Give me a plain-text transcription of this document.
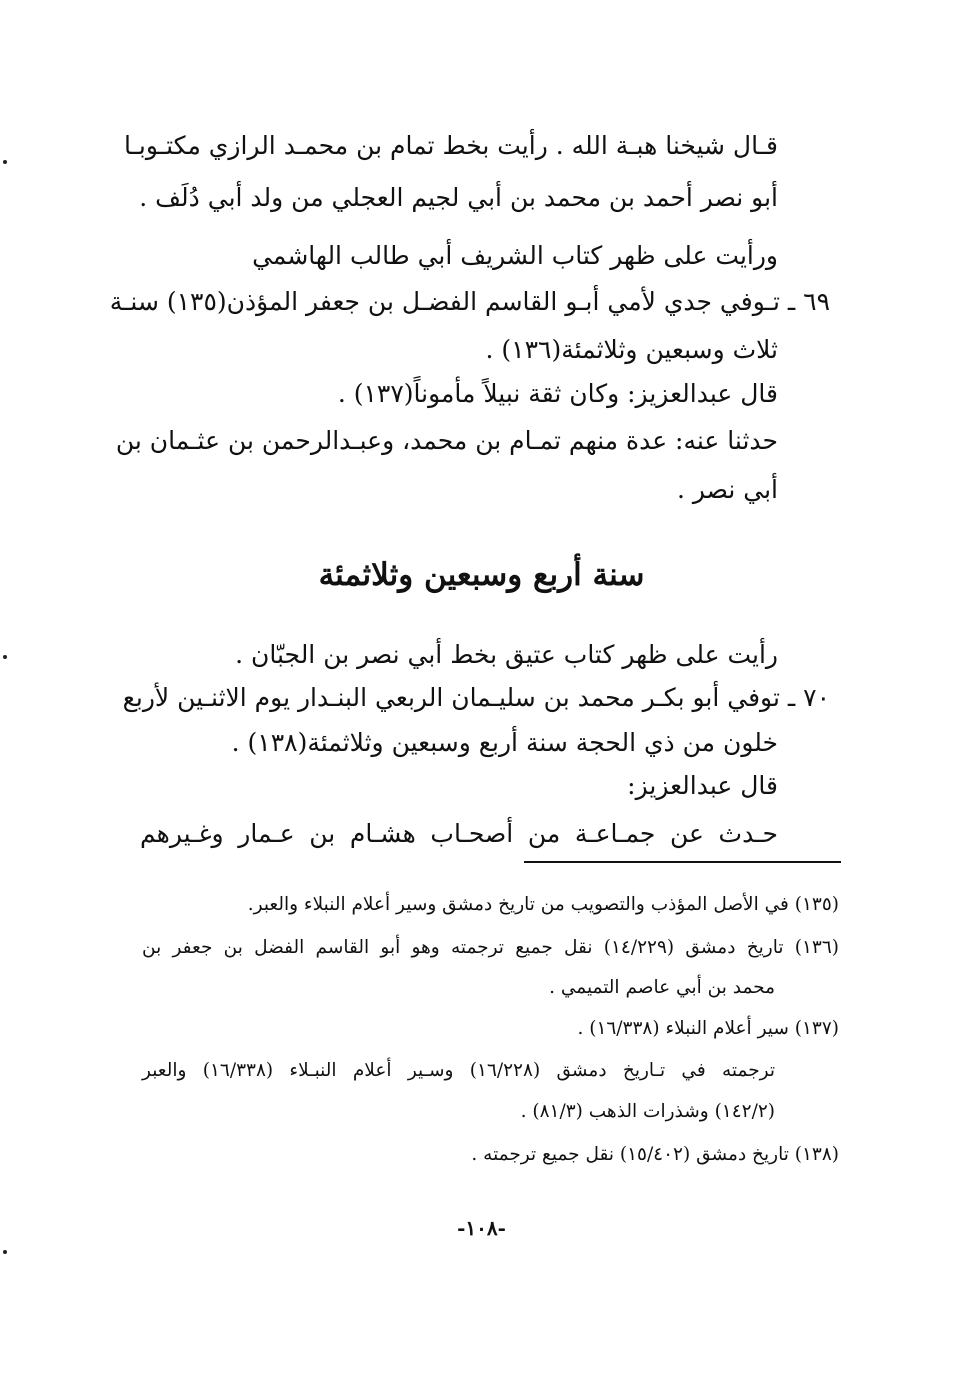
قـال شيخنا هبـة الله . رأيت بخط تمام بن محمـد الرازي مكتـوبـا
أبو نصر أحمد بن محمد بن أبي لجيم العجلي من ولد أبي دُلَف .
ورأيت على ظهر كتاب الشريف أبي طالب الهاشمي
٦٩ ـ تـوفي جدي لأمي أبـو القاسم الفضـل بن جعفر المؤذن(١٣٥) سنـة
ثلاث وسبعين وثلاثمئة(١٣٦) .
قال عبدالعزيز: وكان ثقة نبيلاً مأموناً(١٣٧) .
حدثنا عنه: عدة منهم تمـام بن محمد، وعبـدالرحمن بن عثـمان بن
أبي نصر .
سنة أربع وسبعين وثلاثمئة
رأيت على ظهر كتاب عتيق بخط أبي نصر بن الجبّان .
٧٠ ـ توفي أبو بكـر محمد بن سليـمان الربعي البنـدار يوم الاثنـين لأربع
خلون من ذي الحجة سنة أربع وسبعين وثلاثمئة(١٣٨) .
قال عبدالعزيز:
حـدث عن جمـاعـة من أصحـاب هشـام بن عـمار وغـيرهم
(١٣٥) في الأصل المؤذب والتصويب من تاريخ دمشق وسير أعلام النبلاء والعبر.
(١٣٦) تاريخ دمشق (١٤/٢٢٩) نقل جميع ترجمته وهو أبو القاسم الفضل بن جعفر بن
محمد بن أبي عاصم التميمي .
(١٣٧) سير أعلام النبلاء (١٦/٣٣٨) .
ترجمته في تـاريخ دمشق (١٦/٢٢٨) وسـير أعلام النبـلاء (١٦/٣٣٨) والعبر
(١٤٢/٢) وشذرات الذهب (٨١/٣) .
(١٣٨) تاريخ دمشق (١٥/٤٠٢) نقل جميع ترجمته .
-١٠٨-
